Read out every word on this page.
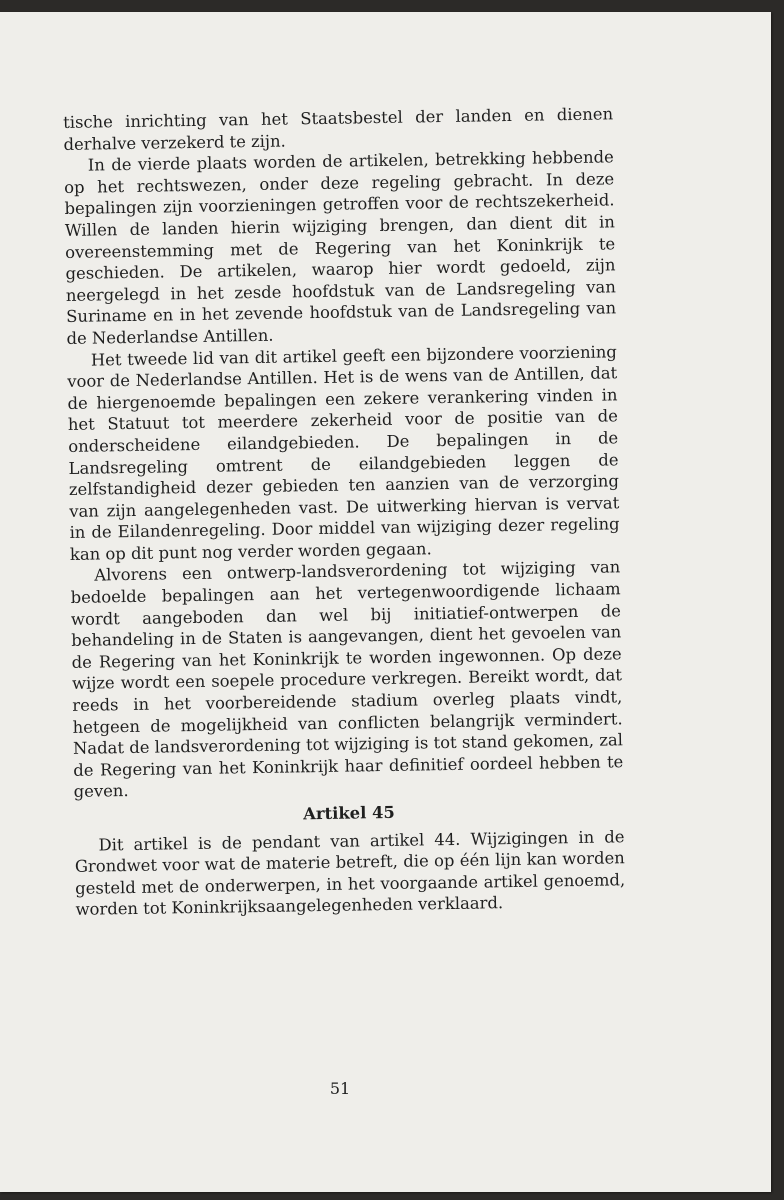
tische inrichting van het Staatsbestel der landen en dienen derhalve verzekerd te zijn.

In de vierde plaats worden de artikelen, betrekking hebbende op het rechtswezen, onder deze regeling gebracht. In deze bepalingen zijn voorzieningen getroffen voor de rechtszekerheid. Willen de landen hierin wijziging brengen, dan dient dit in overeenstemming met de Regering van het Koninkrijk te geschieden. De artikelen, waarop hier wordt gedoeld, zijn neergelegd in het zesde hoofdstuk van de Landsregeling van Suriname en in het zevende hoofdstuk van de Landsregeling van de Nederlandse Antillen.

Het tweede lid van dit artikel geeft een bijzondere voorziening voor de Nederlandse Antillen. Het is de wens van de Antillen, dat de hiergenoemde bepalingen een zekere verankering vinden in het Statuut tot meerdere zekerheid voor de positie van de onderscheidene eilandgebieden. De bepalingen in de Landsregeling omtrent de eilandgebieden leggen de zelfstandigheid dezer gebieden ten aanzien van de verzorging van zijn aangelegenheden vast. De uitwerking hiervan is vervat in de Eilandenregeling. Door middel van wijziging dezer regeling kan op dit punt nog verder worden gegaan.

Alvorens een ontwerp-landsverordening tot wijziging van bedoelde bepalingen aan het vertegenwoordigende lichaam wordt aangeboden dan wel bij initiatief-ontwerpen de behandeling in de Staten is aangevangen, dient het gevoelen van de Regering van het Koninkrijk te worden ingewonnen. Op deze wijze wordt een soepele procedure verkregen. Bereikt wordt, dat reeds in het voorbereidende stadium overleg plaats vindt, hetgeen de mogelijkheid van conflicten belangrijk vermindert. Nadat de landsverordening tot wijziging is tot stand gekomen, zal de Regering van het Koninkrijk haar definitief oordeel hebben te geven.

Artikel 45

Dit artikel is de pendant van artikel 44. Wijzigingen in de Grondwet voor wat de materie betreft, die op één lijn kan worden gesteld met de onderwerpen, in het voorgaande artikel genoemd, worden tot Koninkrijksaangelegenheden verklaard.

51
